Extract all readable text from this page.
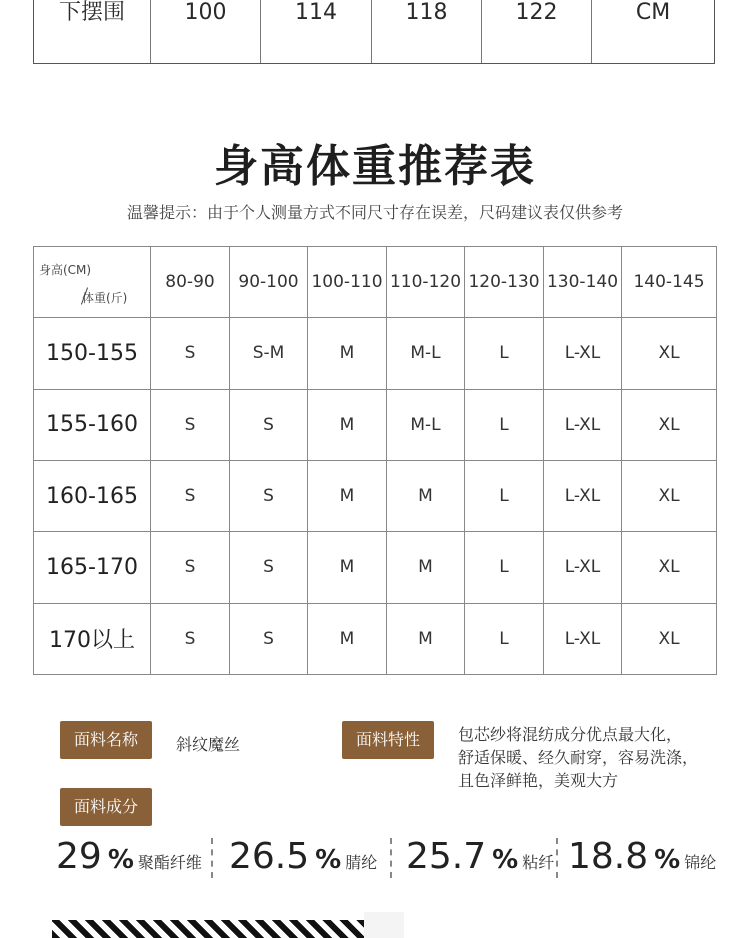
下摆围	100	114	118	122	CM
身高体重推荐表
温馨提示：由于个人测量方式不同尺寸存在误差，尺码建议表仅供参考
身高(CM)
体重(斤)	80-90	90-100	100-110	110-120	120-130	130-140	140-145
150-155	S	S-M	M	M-L	L	L-XL	XL
155-160	S	S	M	M-L	L	L-XL	XL
160-165	S	S	M	M	L	L-XL	XL
165-170	S	S	M	M	L	L-XL	XL
170以上	S	S	M	M	L	L-XL	XL
面料名称	斜纹魔丝	面料特性	包芯纱将混纺成分优点最大化，
舒适保暖、经久耐穿，容易洗涤，
且色泽鲜艳，美观大方
面料成分
29 % 聚酯纤维 26.5 % 腈纶 25.7 % 粘纤 18.8 % 锦纶
